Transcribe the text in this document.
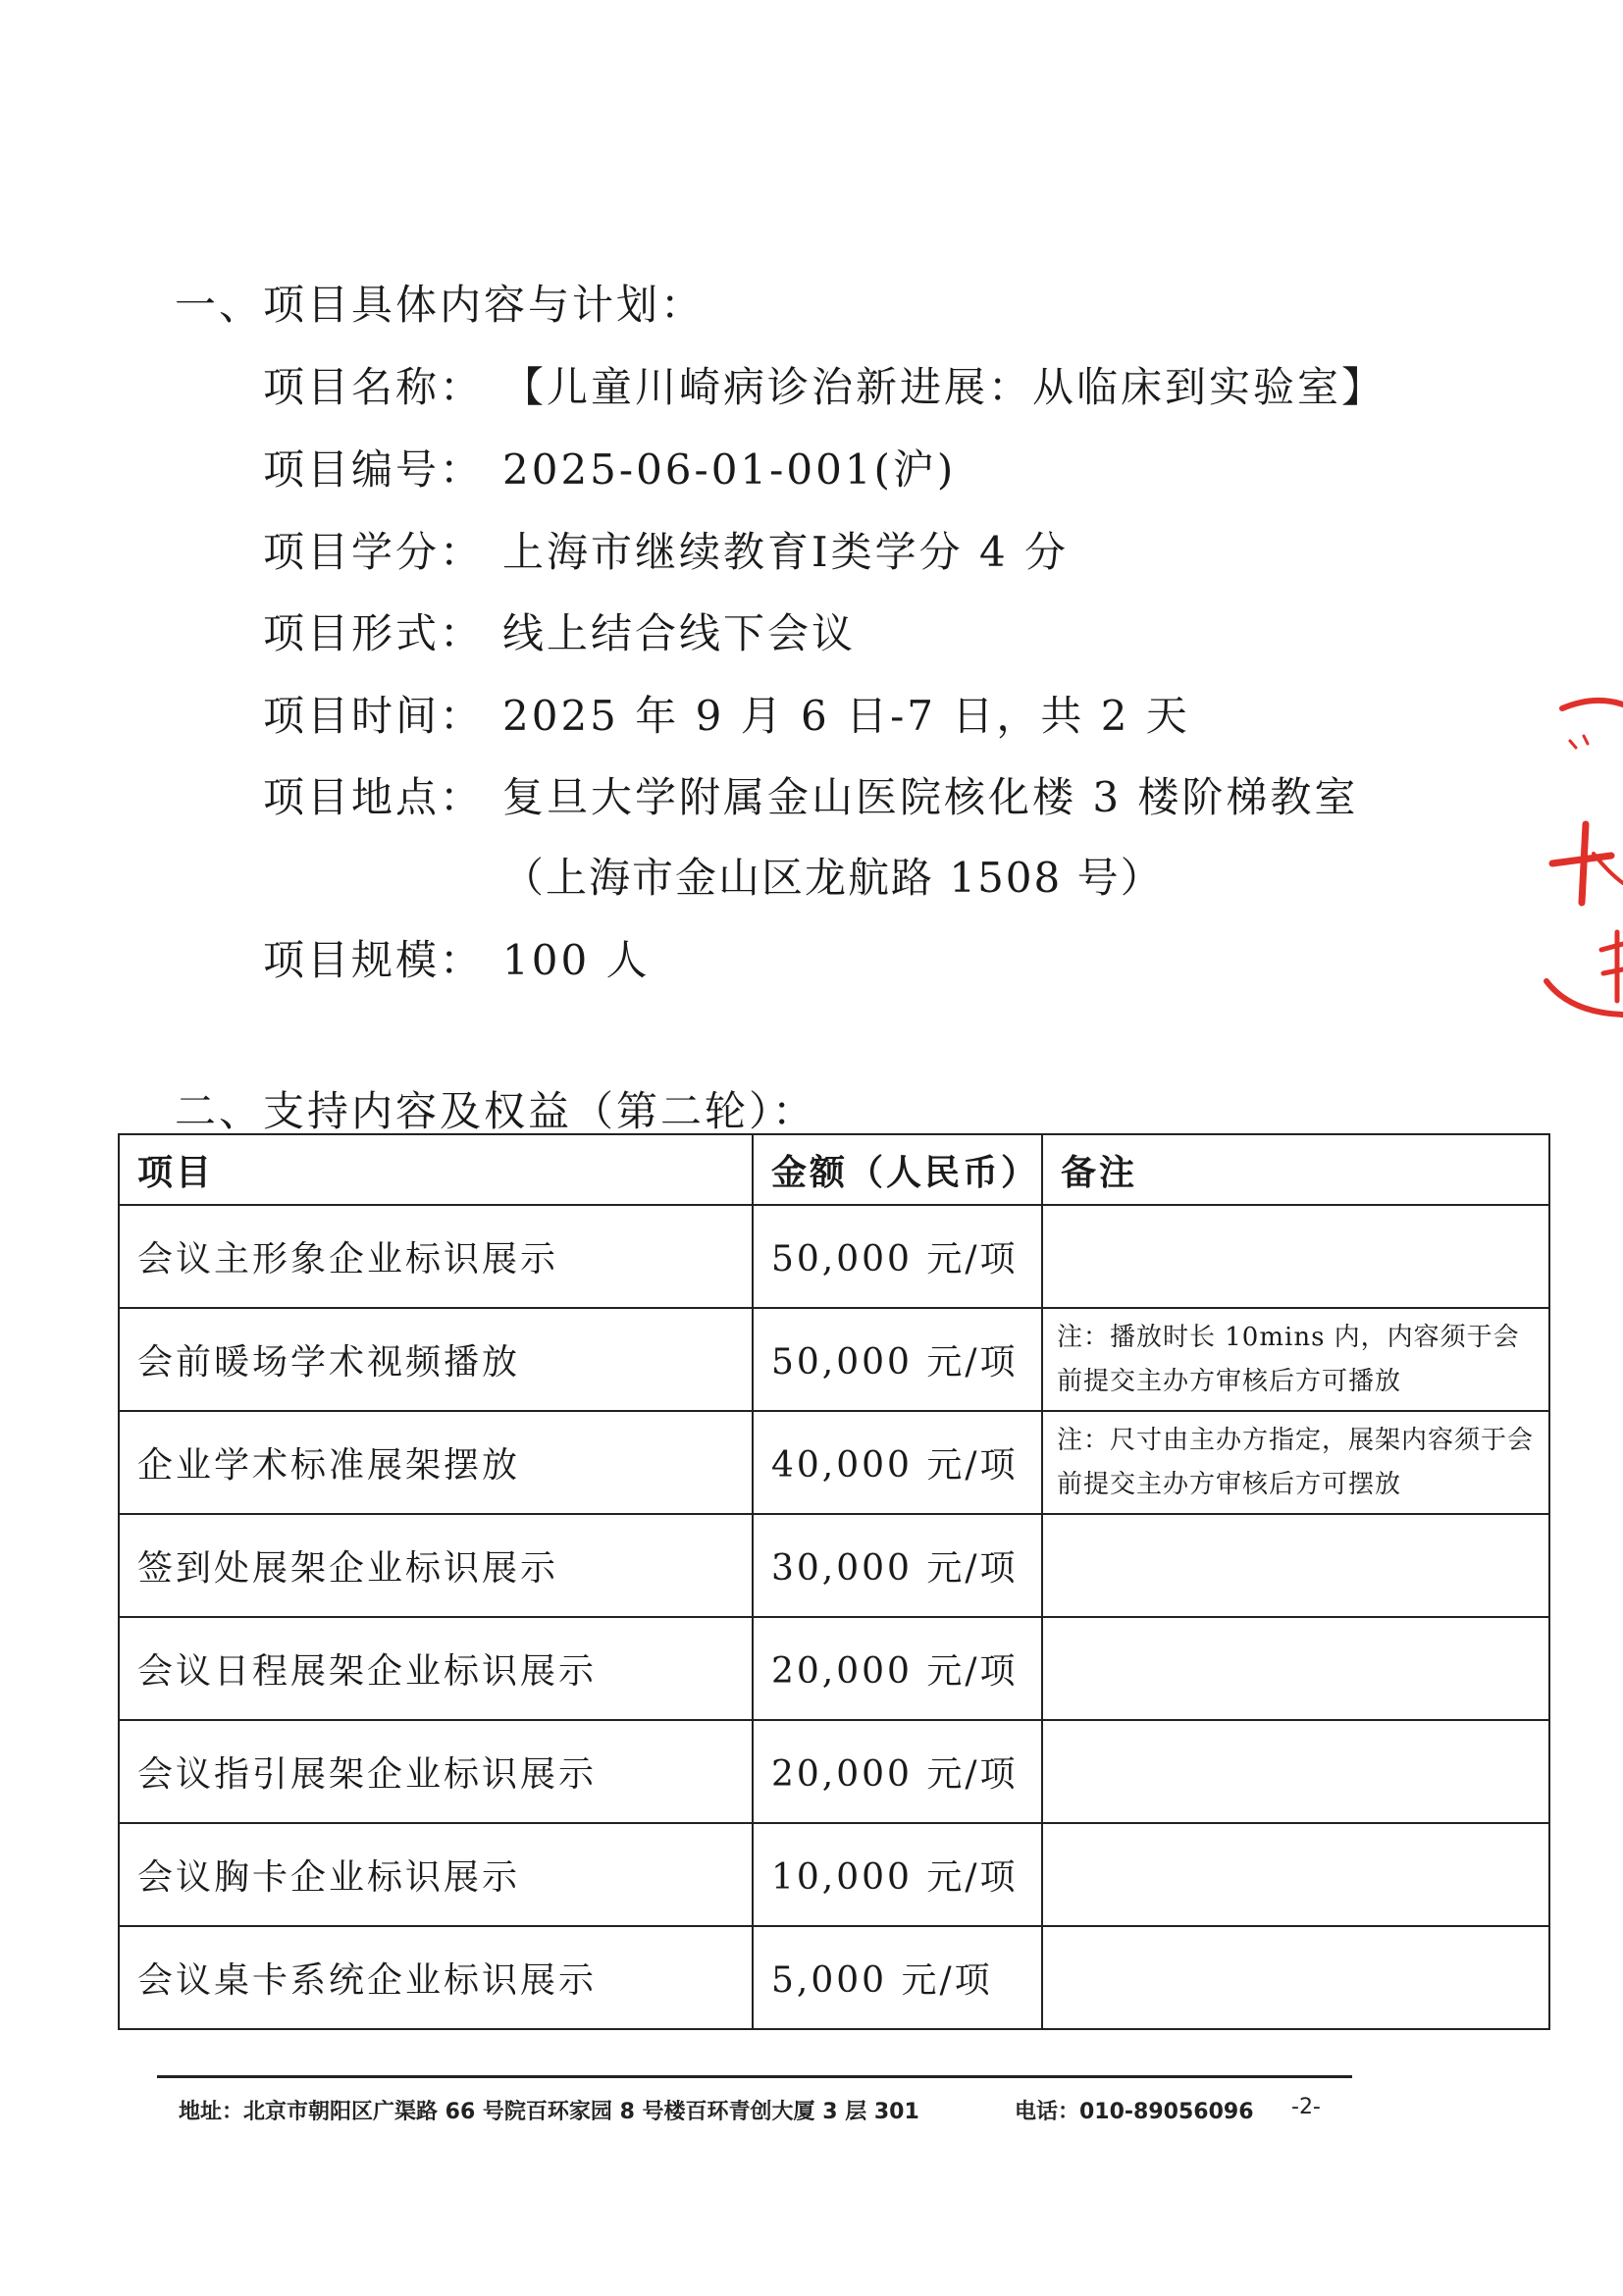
一、项目具体内容与计划：
项目名称： 【儿童川崎病诊治新进展：从临床到实验室】
项目编号： 2025-06-01-001(沪)
项目学分： 上海市继续教育Ⅰ类学分 4 分
项目形式： 线上结合线下会议
项目时间： 2025 年 9 月 6 日-7 日，共 2 天
项目地点： 复旦大学附属金山医院核化楼 3 楼阶梯教室
（上海市金山区龙航路 1508 号）
项目规模： 100 人
二、支持内容及权益（第二轮）：
项目	金额（人民币）	备注
会议主形象企业标识展示	50,000 元/项	
会前暖场学术视频播放	50,000 元/项	注：播放时长 10mins 内，内容须于会前提交主办方审核后方可播放
企业学术标准展架摆放	40,000 元/项	注：尺寸由主办方指定，展架内容须于会前提交主办方审核后方可摆放
签到处展架企业标识展示	30,000 元/项	
会议日程展架企业标识展示	20,000 元/项	
会议指引展架企业标识展示	20,000 元/项	
会议胸卡企业标识展示	10,000 元/项	
会议桌卡系统企业标识展示	5,000 元/项	
地址：北京市朝阳区广渠路 66 号院百环家园 8 号楼百环青创大厦 3 层 301	电话：010-89056096 -2-
